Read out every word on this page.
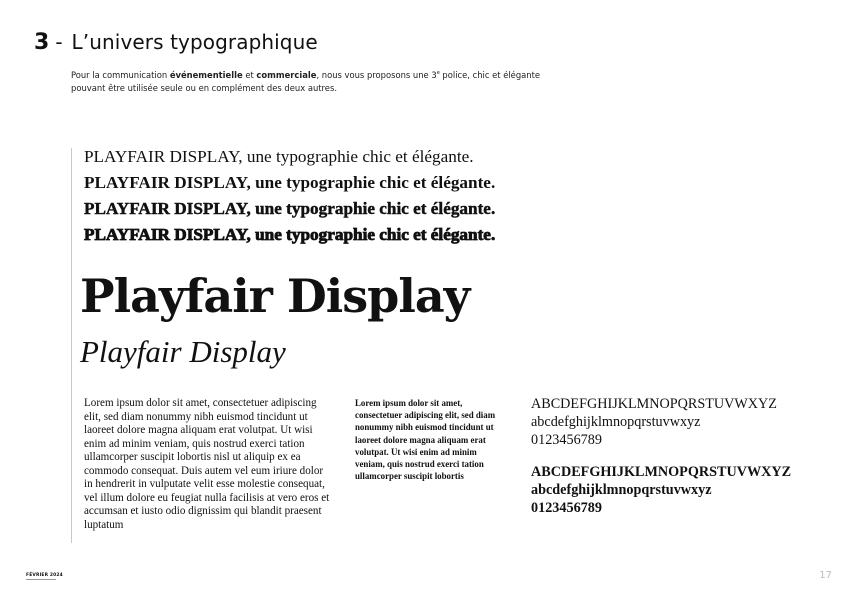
3 - L’univers typographique
Pour la communication événementielle et commerciale, nous vous proposons une 3e police, chic et élégante
pouvant être utilisée seule ou en complément des deux autres.
PLAYFAIR DISPLAY, une typographie chic et élégante.
PLAYFAIR DISPLAY, une typographie chic et élégante.
PLAYFAIR DISPLAY, une typographie chic et élégante.
PLAYFAIR DISPLAY, une typographie chic et élégante.
Playfair Display
Playfair Display
Lorem ipsum dolor sit amet, consectetuer adipiscing elit, sed diam nonummy nibh euismod tincidunt ut laoreet dolore magna aliquam erat volutpat. Ut wisi enim ad minim veniam, quis nostrud exerci tation ullamcorper suscipit lobortis nisl ut aliquip ex ea commodo consequat. Duis autem vel eum iriure dolor in hendrerit in vulputate velit esse molestie consequat, vel illum dolore eu feugiat nulla facilisis at vero eros et accumsan et iusto odio dignissim qui blandit praesent luptatum
Lorem ipsum dolor sit amet, consectetuer adipiscing elit, sed diam nonummy nibh euismod tincidunt ut laoreet dolore magna aliquam erat volutpat. Ut wisi enim ad minim veniam, quis nostrud exerci tation ullamcorper suscipit lobortis
ABCDEFGHIJKLMNOPQRSTUVWXYZ
abcdefghijklmnopqrstuvwxyz
0123456789
ABCDEFGHIJKLMNOPQRSTUVWXYZ
abcdefghijklmnopqrstuvwxyz
0123456789
FÉVRIER 2024	17
